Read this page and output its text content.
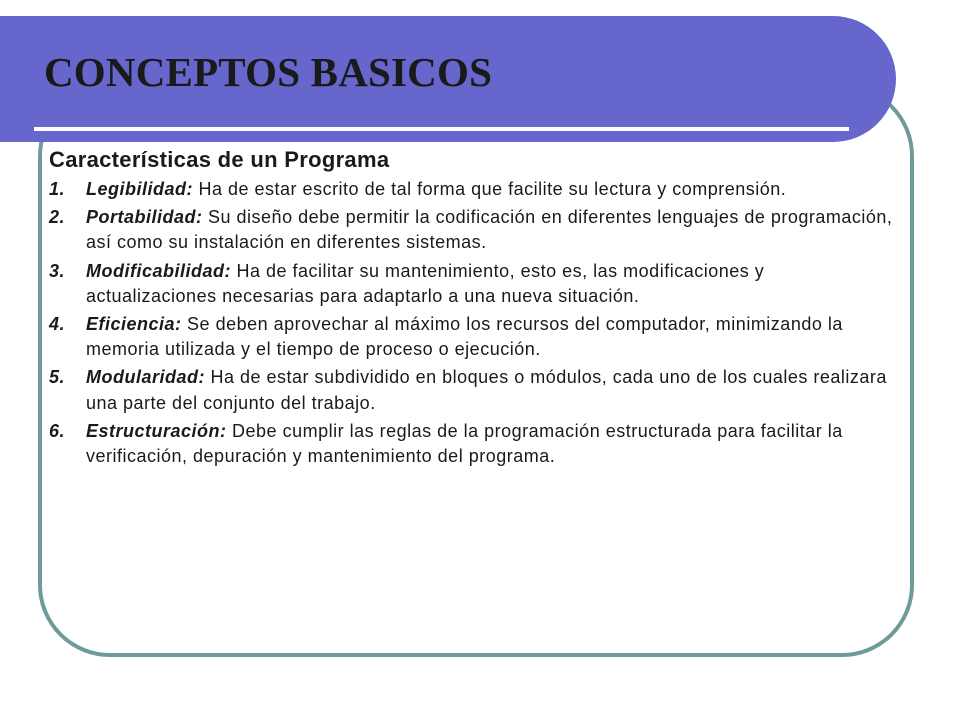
CONCEPTOS BASICOS
Características de un Programa
1.	Legibilidad: Ha de estar escrito de tal forma que facilite su lectura y comprensión.
2.	Portabilidad: Su diseño debe permitir la codificación en diferentes lenguajes de programación, así como su instalación en diferentes sistemas.
3.	Modificabilidad: Ha de facilitar su mantenimiento, esto es, las modificaciones y actualizaciones necesarias para adaptarlo a una nueva situación.
4.	Eficiencia: Se deben aprovechar al máximo los recursos del computador, minimizando la memoria utilizada y el tiempo de proceso o ejecución.
5.	Modularidad: Ha de estar subdividido en bloques o módulos, cada uno de los cuales realizara una parte del conjunto del trabajo.
6.	Estructuración: Debe cumplir las reglas de la programación estructurada para facilitar la verificación, depuración y mantenimiento del programa.
